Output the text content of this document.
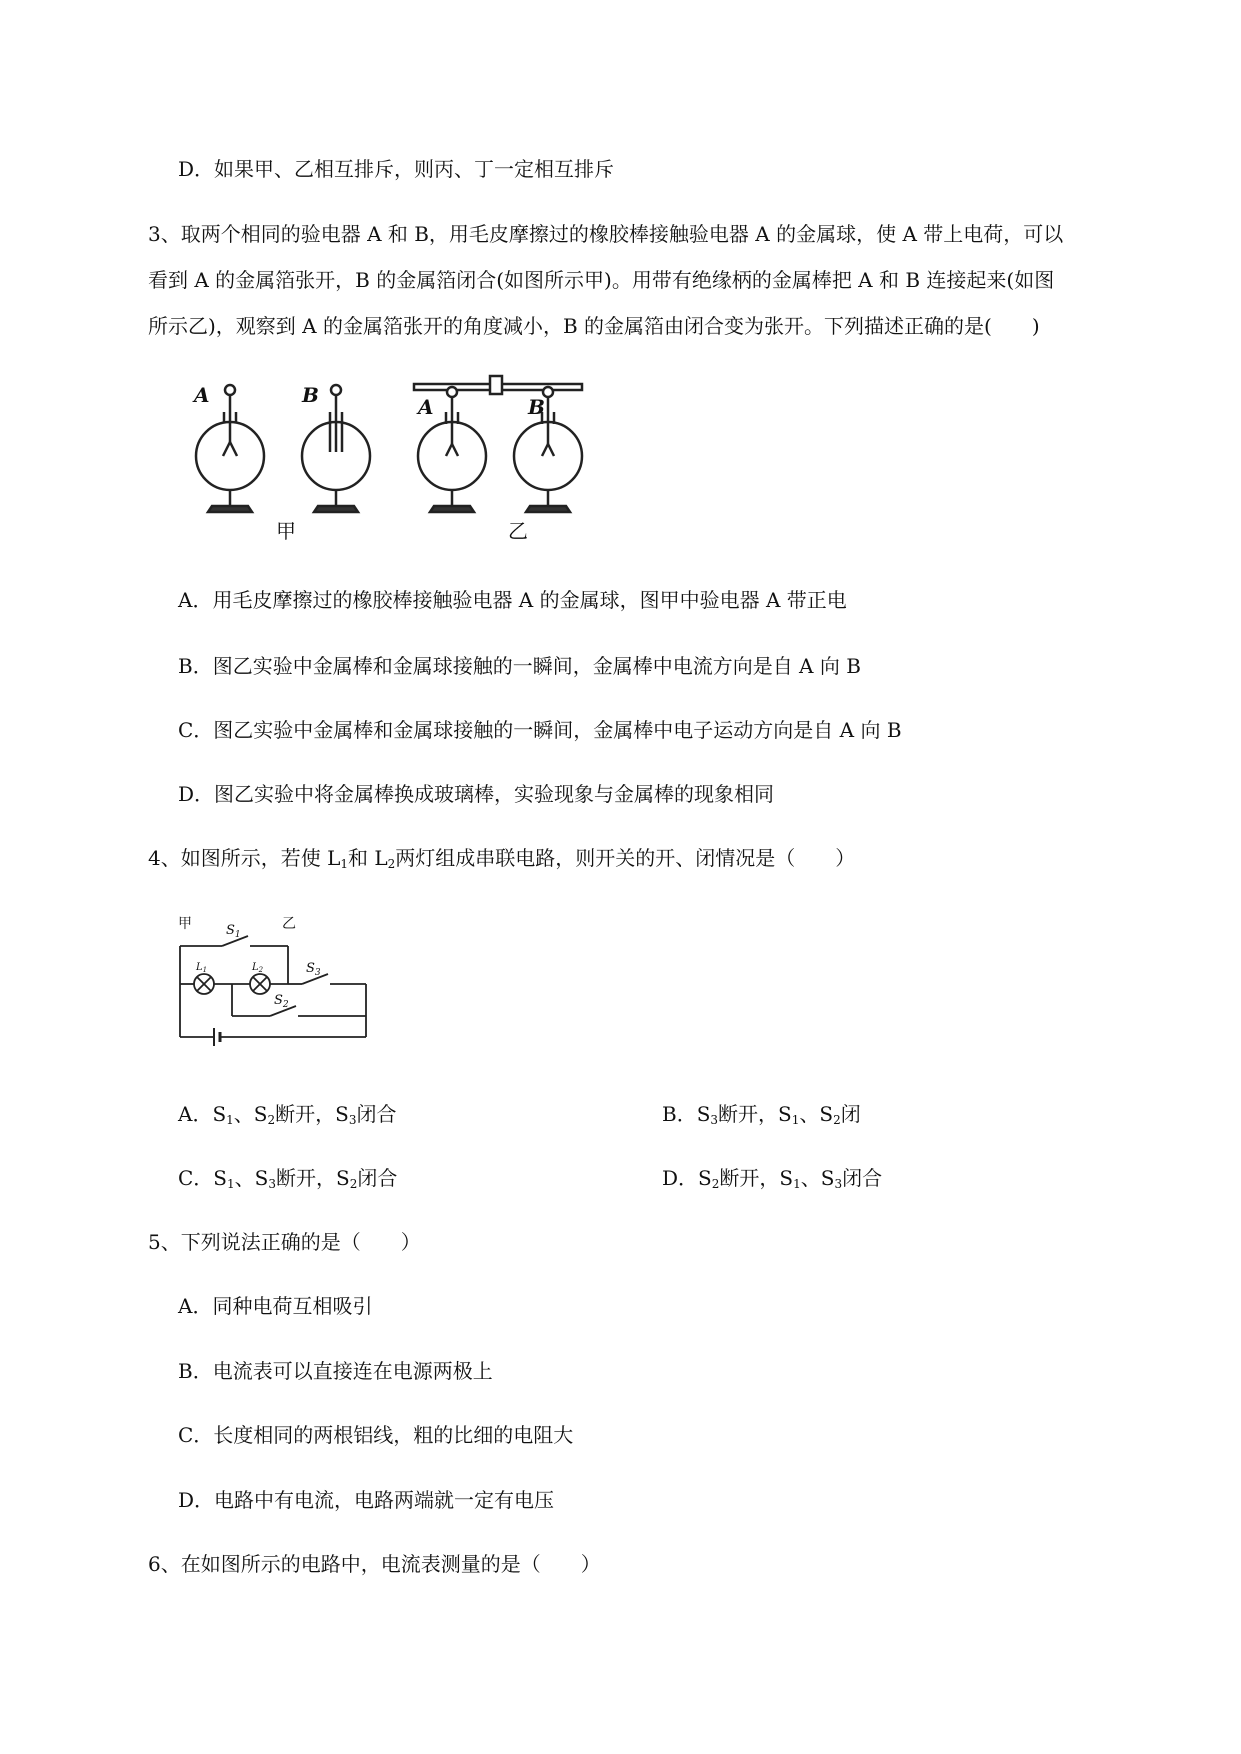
D．如果甲、乙相互排斥，则丙、丁一定相互排斥
3、取两个相同的验电器 A 和 B，用毛皮摩擦过的橡胶棒接触验电器 A 的金属球，使 A 带上电荷，可以
看到 A 的金属箔张开，B 的金属箔闭合(如图所示甲)。用带有绝缘柄的金属棒把 A 和 B 连接起来(如图
所示乙)，观察到 A 的金属箔张开的角度减小，B 的金属箔由闭合变为张开。下列描述正确的是(　　)
A	B	A	B
甲	乙
A．用毛皮摩擦过的橡胶棒接触验电器 A 的金属球，图甲中验电器 A 带正电
B．图乙实验中金属棒和金属球接触的一瞬间，金属棒中电流方向是自 A 向 B
C．图乙实验中金属棒和金属球接触的一瞬间，金属棒中电子运动方向是自 A 向 B
D．图乙实验中将金属棒换成玻璃棒，实验现象与金属棒的现象相同
4、如图所示，若使 $L_1$和 $L_2$两灯组成串联电路，则开关的开、闭情况是（　　）
甲	乙
$S_1$
$S_3$
$S_2$
$L_1$	$L_2$
A．$S_1$、$S_2$断开，$S_3$闭合	B．$S_3$断开，$S_1$、$S_2$闭
C．$S_1$、$S_3$断开，$S_2$闭合	D．$S_2$断开，$S_1$、$S_3$闭合
5、下列说法正确的是（　　）
A．同种电荷互相吸引
B．电流表可以直接连在电源两极上
C．长度相同的两根铝线，粗的比细的电阻大
D．电路中有电流，电路两端就一定有电压
6、在如图所示的电路中，电流表测量的是（　　）
